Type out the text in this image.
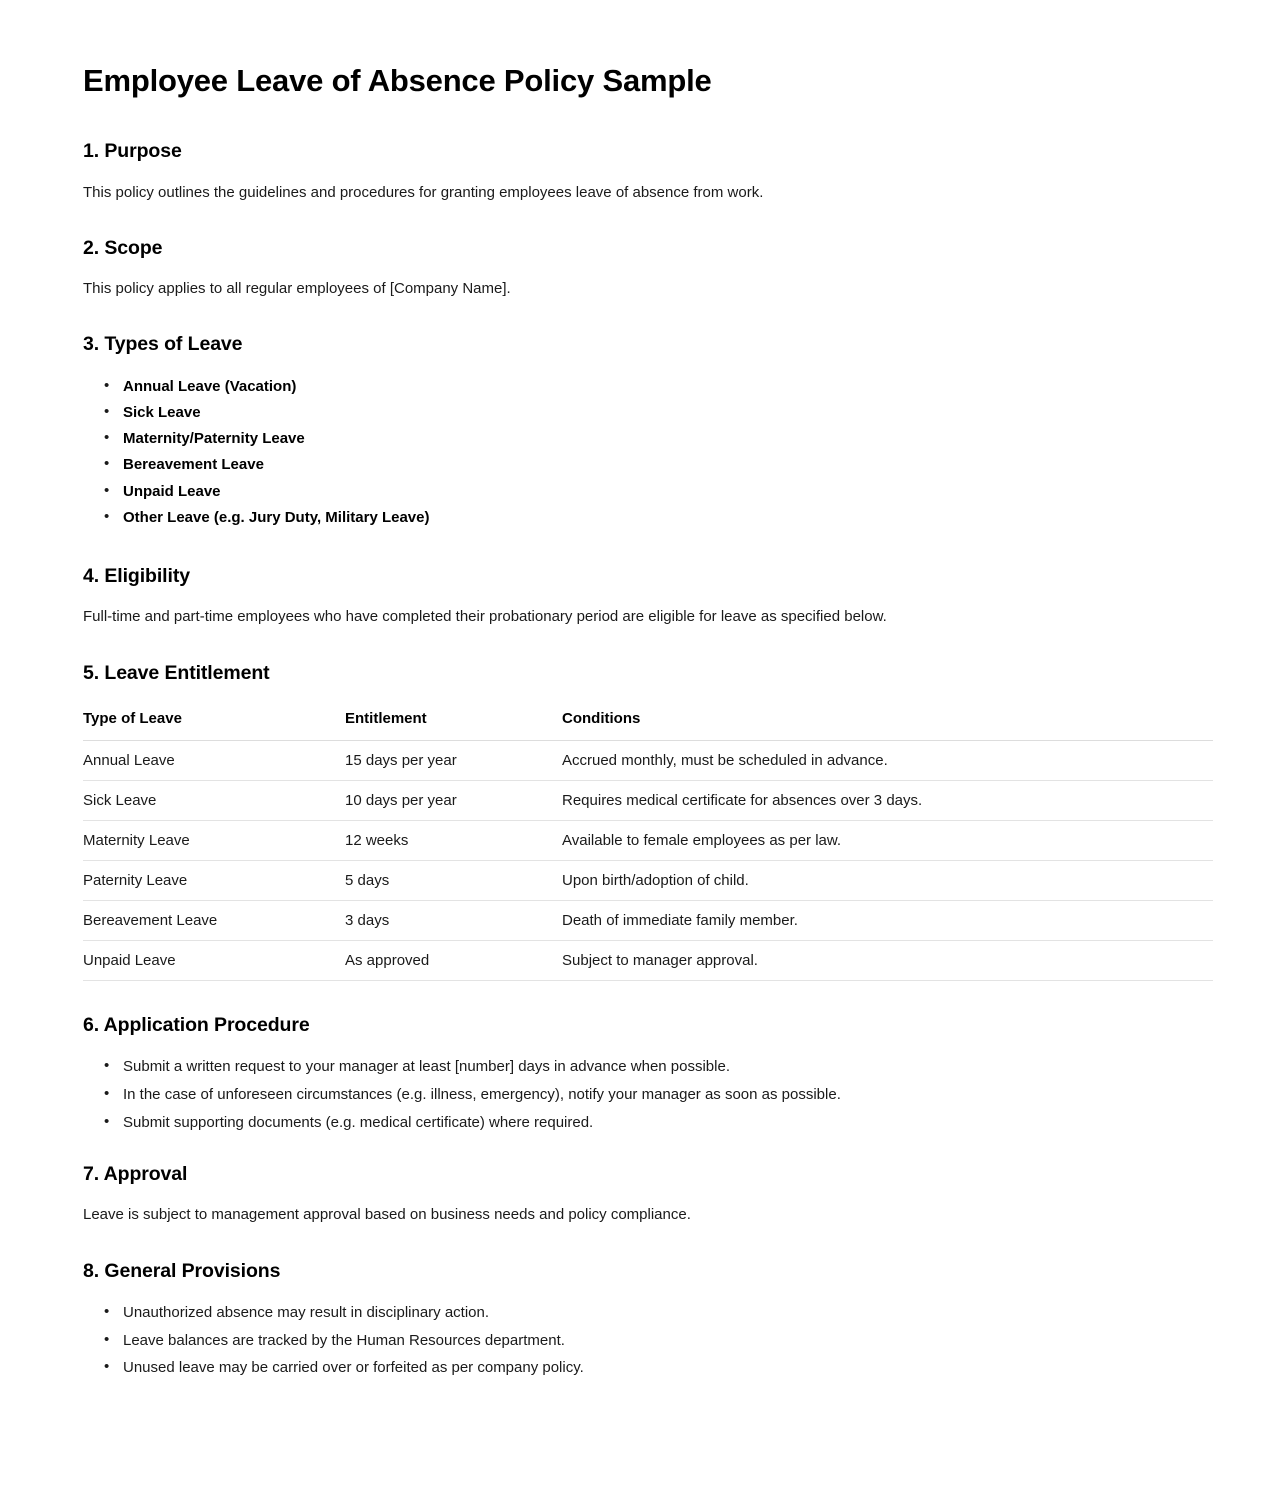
Employee Leave of Absence Policy Sample
1. Purpose

This policy outlines the guidelines and procedures for granting employees leave of absence from work.

2. Scope

This policy applies to all regular employees of [Company Name].

3. Types of Leave
• Annual Leave (Vacation)
• Sick Leave
• Maternity/Paternity Leave
• Bereavement Leave
• Unpaid Leave
• Other Leave (e.g. Jury Duty, Military Leave)
4. Eligibility

Full-time and part-time employees who have completed their probationary period are eligible for leave as specified below.

5. Leave Entitlement
Type of Leave	Entitlement	Conditions
Annual Leave	15 days per year	Accrued monthly, must be scheduled in advance.
Sick Leave	10 days per year	Requires medical certificate for absences over 3 days.
Maternity Leave	12 weeks	Available to female employees as per law.
Paternity Leave	5 days	Upon birth/adoption of child.
Bereavement Leave	3 days	Death of immediate family member.
Unpaid Leave	As approved	Subject to manager approval.
6. Application Procedure
• Submit a written request to your manager at least [number] days in advance when possible.
• In the case of unforeseen circumstances (e.g. illness, emergency), notify your manager as soon as possible.
• Submit supporting documents (e.g. medical certificate) where required.
7. Approval

Leave is subject to management approval based on business needs and policy compliance.

8. General Provisions
• Unauthorized absence may result in disciplinary action.
• Leave balances are tracked by the Human Resources department.
• Unused leave may be carried over or forfeited as per company policy.
